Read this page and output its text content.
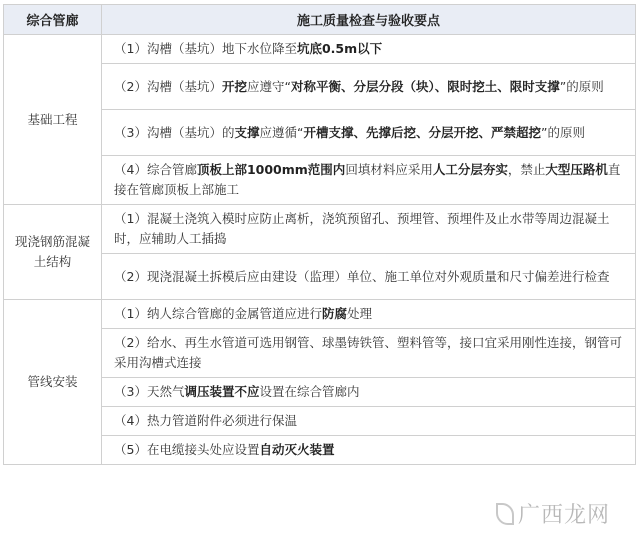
综合管廊	施工质量检查与验收要点
基础工程	（1）沟槽（基坑）地下水位降至坑底0.5m以下
	（2）沟槽（基坑）开挖应遵守“对称平衡、分层分段（块）、限时挖土、限时支撑”的原则
	（3）沟槽（基坑）的支撑应遵循“开槽支撑、先撑后挖、分层开挖、严禁超挖”的原则
	（4）综合管廊顶板上部1000mm范围内回填材料应采用人工分层夯实，禁止大型压路机直接在管廊顶板上部施工
现浇钢筋混凝土结构	（1）混凝土浇筑入模时应防止离析，浇筑预留孔、预埋管、预埋件及止水带等周边混凝土时，应辅助人工插捣
	（2）现浇混凝土拆模后应由建设（监理）单位、施工单位对外观质量和尺寸偏差进行检查
管线安装	（1）纳人综合管廊的金属管道应进行防腐处理
	（2）给水、再生水管道可选用钢管、球墨铸铁管、塑料管等，接口宜采用刚性连接，钢管可采用沟槽式连接
	（3）天然气调压装置不应设置在综合管廊内
	（4）热力管道附件必须进行保温
	（5）在电缆接头处应设置自动灭火装置
广西龙网
